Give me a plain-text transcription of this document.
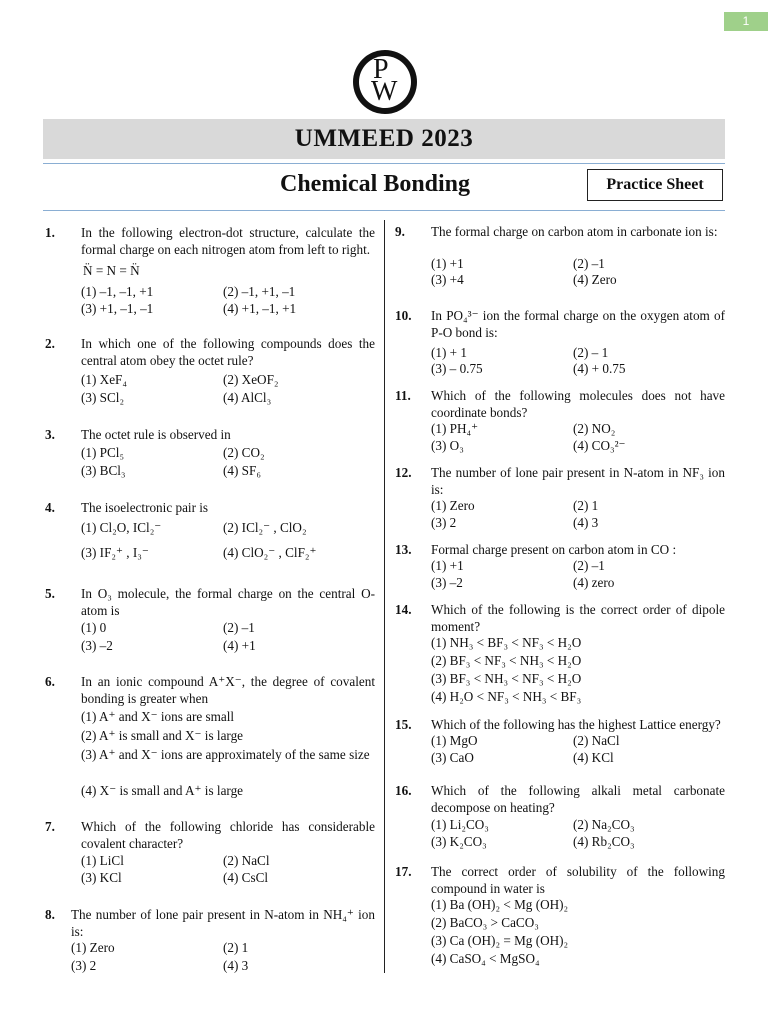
1
P
W
UMMEED 2023
Chemical Bonding	Practice Sheet
1. In the following electron-dot structure, calculate the formal charge on each nitrogen atom from left to right.
N̈ = N = N̈
(1) –1, –1, +1	(2) –1, +1, –1
(3) +1, –1, –1	(4) +1, –1, +1
2. In which one of the following compounds does the central atom obey the octet rule?
(1) XeF₄	(2) XeOF₂
(3) SCl₂	(4) AlCl₃
3. The octet rule is observed in
(1) PCl₅	(2) CO₂
(3) BCl₃	(4) SF₆
4. The isoelectronic pair is
(1) Cl₂O, ICl₂⁻	(2) ICl₂⁻ , ClO₂
(3) IF₂⁺ , I₃⁻	(4) ClO₂⁻ , ClF₂⁺
5. In O₃ molecule, the formal charge on the central O-atom is
(1) 0	(2) –1
(3) –2	(4) +1
6. In an ionic compound A⁺X⁻, the degree of covalent bonding is greater when
(1) A⁺ and X⁻ ions are small
(2) A⁺ is small and X⁻ is large
(3) A⁺ and X⁻ ions are approximately of the same size
(4) X⁻ is small and A⁺ is large
7. Which of the following chloride has considerable covalent character?
(1) LiCl	(2) NaCl
(3) KCl	(4) CsCl
8. The number of lone pair present in N-atom in NH₄⁺ ion is:
(1) Zero	(2) 1
(3) 2	(4) 3
9. The formal charge on carbon atom in carbonate ion is:
(1) +1	(2) –1
(3) +4	(4) Zero
10. In PO₄³⁻ ion the formal charge on the oxygen atom of P-O bond is:
(1) + 1	(2) – 1
(3) – 0.75	(4) + 0.75
11. Which of the following molecules does not have coordinate bonds?
(1) PH₄⁺	(2) NO₂
(3) O₃	(4) CO₃²⁻
12. The number of lone pair present in N-atom in NF₃ ion is:
(1) Zero	(2) 1
(3) 2	(4) 3
13. Formal charge present on carbon atom in CO :
(1) +1	(2) –1
(3) –2	(4) zero
14. Which of the following is the correct order of dipole moment?
(1) NH₃ < BF₃ < NF₃ < H₂O
(2) BF₃ < NF₃ < NH₃ < H₂O
(3) BF₃ < NH₃ < NF₃ < H₂O
(4) H₂O < NF₃ < NH₃ < BF₃
15. Which of the following has the highest Lattice energy?
(1) MgO	(2) NaCl
(3) CaO	(4) KCl
16. Which of the following alkali metal carbonate decompose on heating?
(1) Li₂CO₃	(2) Na₂CO₃
(3) K₂CO₃	(4) Rb₂CO₃
17. The correct order of solubility of the following compound in water is
(1) Ba (OH)₂ < Mg (OH)₂
(2) BaCO₃ > CaCO₃
(3) Ca (OH)₂ = Mg (OH)₂
(4) CaSO₄ < MgSO₄
